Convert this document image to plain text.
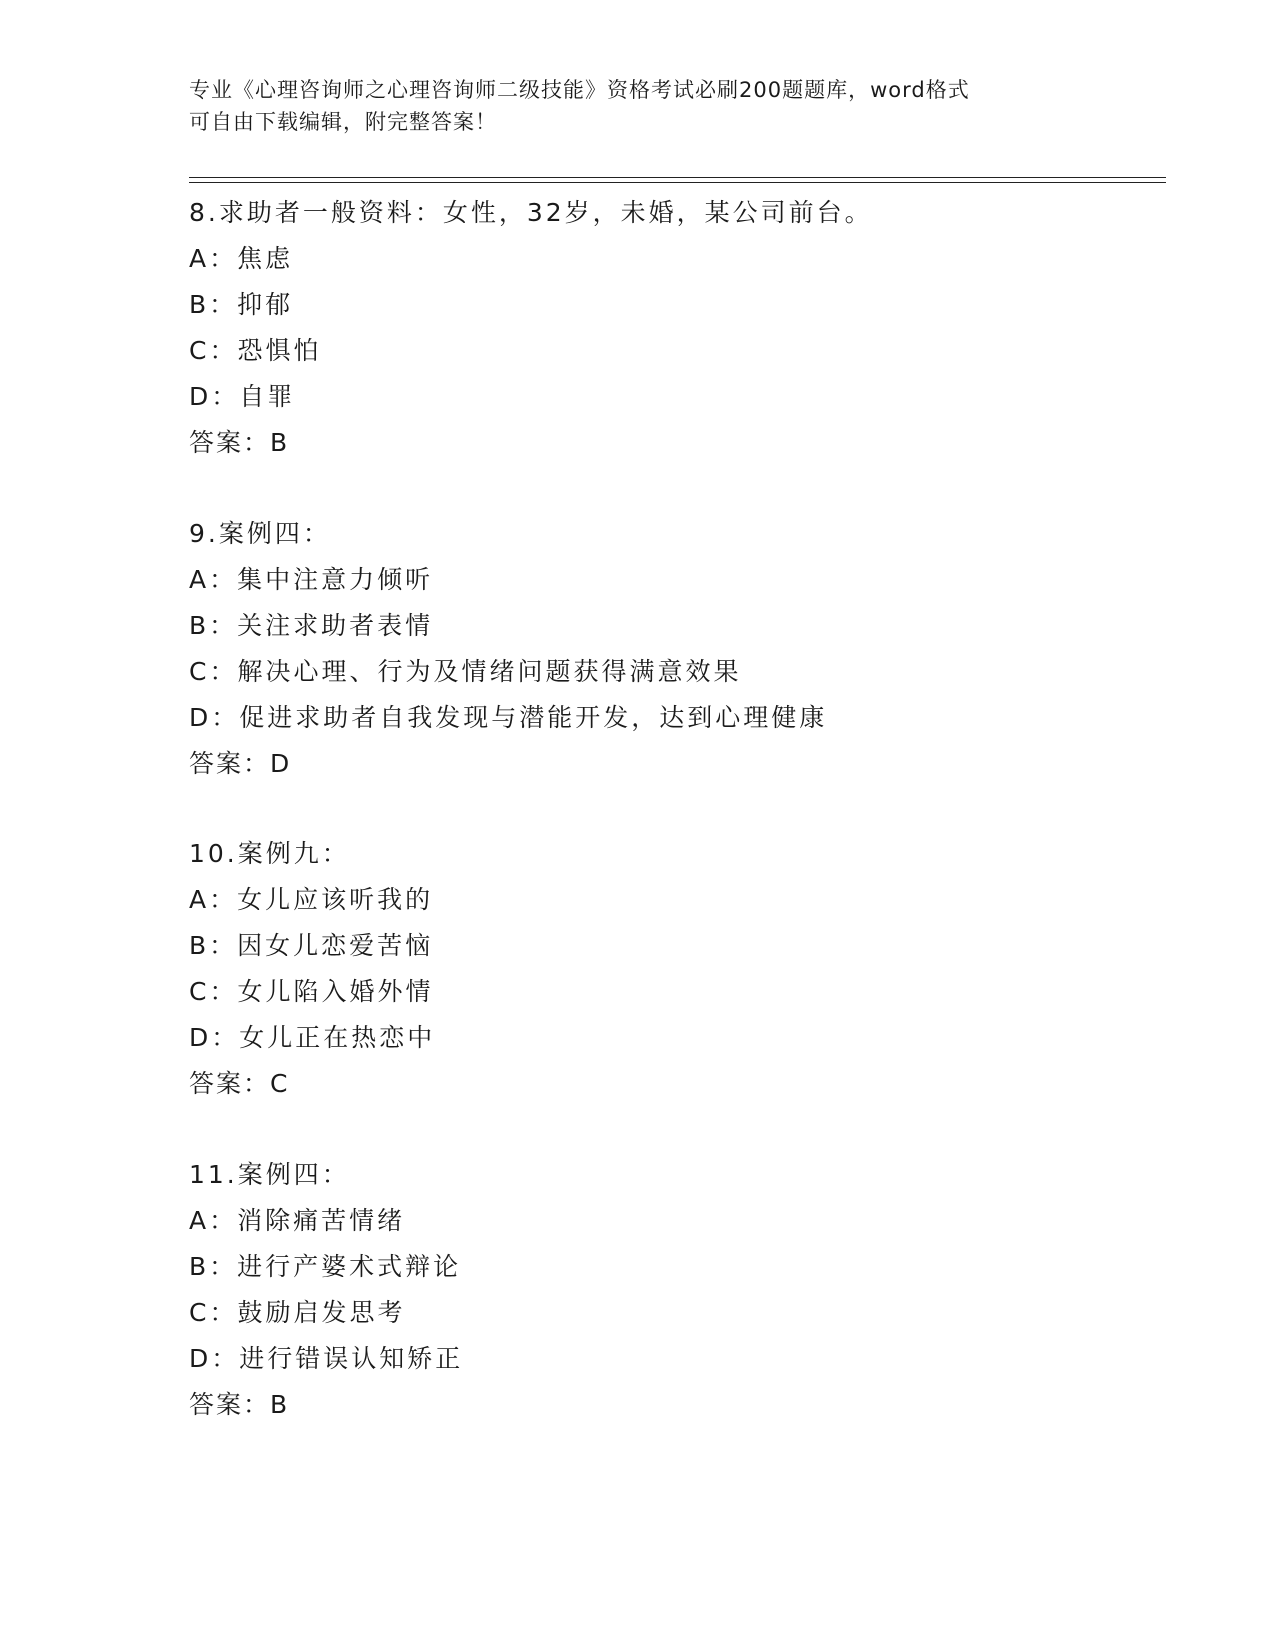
专业《心理咨询师之心理咨询师二级技能》资格考试必刷200题题库，word格式
可自由下载编辑，附完整答案！
8.求助者一般资料：女性，32岁，未婚，某公司前台。
A：焦虑
B：抑郁
C：恐惧怕
D：自罪
答案：B
9.案例四：
A：集中注意力倾听
B：关注求助者表情
C：解决心理、行为及情绪问题获得满意效果
D：促进求助者自我发现与潜能开发，达到心理健康
答案：D
10.案例九：
A：女儿应该听我的
B：因女儿恋爱苦恼
C：女儿陷入婚外情
D：女儿正在热恋中
答案：C
11.案例四：
A：消除痛苦情绪
B：进行产婆术式辩论
C：鼓励启发思考
D：进行错误认知矫正
答案：B
